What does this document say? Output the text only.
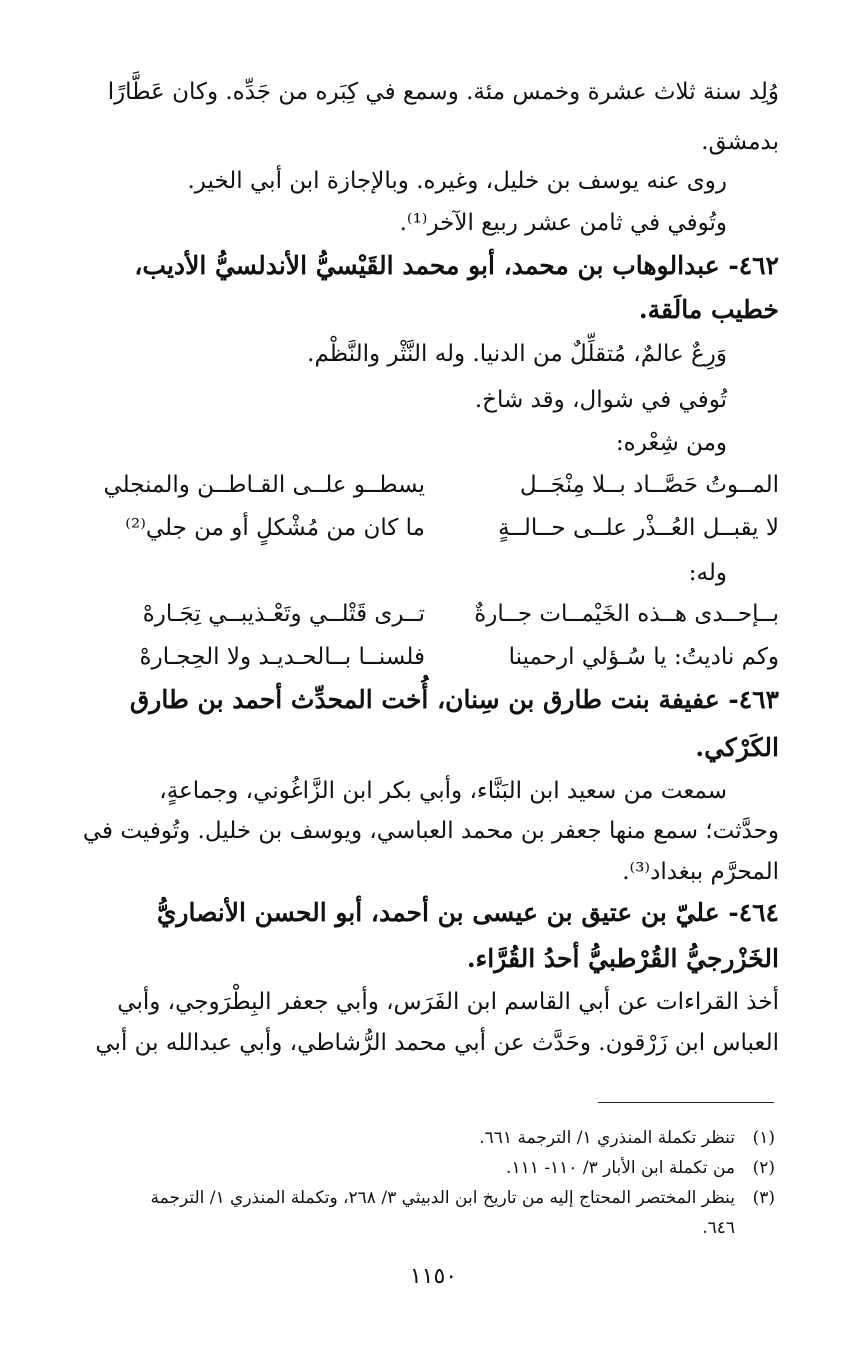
وُلِد سنة ثلاث عشرة وخمس مئة. وسمع في كِبَره من جَدِّه. وكان عَطَّارًا
بدمشق.
روى عنه يوسف بن خليل، وغيره. وبالإجازة ابن أبي الخير.
وتُوفي في ثامن عشر ربيع الآخر⁽¹⁾.
٤٦٢- عبدالوهاب بن محمد، أبو محمد القَيْسيُّ الأندلسيُّ الأديب،
خطيب مالَقة.
وَرِعٌ عالمٌ، مُتقلِّلٌ من الدنيا. وله النَّثْر والنَّظْم.
تُوفي في شوال، وقد شاخ.
ومن شِعْره:
المــوتُ حَصَّــاد بــلا مِنْجَــل
يسطــو علــى القـاطــن والمنجلي
لا يقبــل العُــذْر علــى حــالــةٍ
ما كان من مُشْكلٍ أو من جلي⁽²⁾
وله:
بــإحــدى هــذه الخَيْمــات جــارةٌ
تــرى قَتْلــي وتَعْـذيبــي تِجَـارهْ
وكم ناديتُ: يا سُـؤلي ارحمينا
فلسنــا بــالحـديـد ولا الحِجـارهْ
٤٦٣- عفيفة بنت طارق بن سِنان، أُخت المحدِّث أحمد بن طارق
الكَرْكي.
سمعت من سعيد ابن البَنَّاء، وأبي بكر ابن الزَّاغُوني، وجماعةٍ،
وحدَّثت؛ سمع منها جعفر بن محمد العباسي، ويوسف بن خليل. وتُوفيت في
المحرَّم ببغداد⁽³⁾.
٤٦٤- عليّ بن عتيق بن عيسى بن أحمد، أبو الحسن الأنصاريُّ
الخَزْرجيُّ القُرْطبيُّ أحدُ القُرَّاء.
أخذ القراءات عن أبي القاسم ابن الفَرَس، وأبي جعفر البِطْرَوجي، وأبي
العباس ابن زَرْقون. وحَدَّث عن أبي محمد الرُّشاطي، وأبي عبدالله بن أبي
(١)تنظر تكملة المنذري ١/ الترجمة ٦٦١.
(٢)من تكملة ابن الأبار ٣/ ١١٠- ١١١.
(٣)ينظر المختصر المحتاج إليه من تاريخ ابن الدبيثي ٣/ ٢٦٨، وتكملة المنذري ١/ الترجمة
٦٤٦.
١١٥٠
